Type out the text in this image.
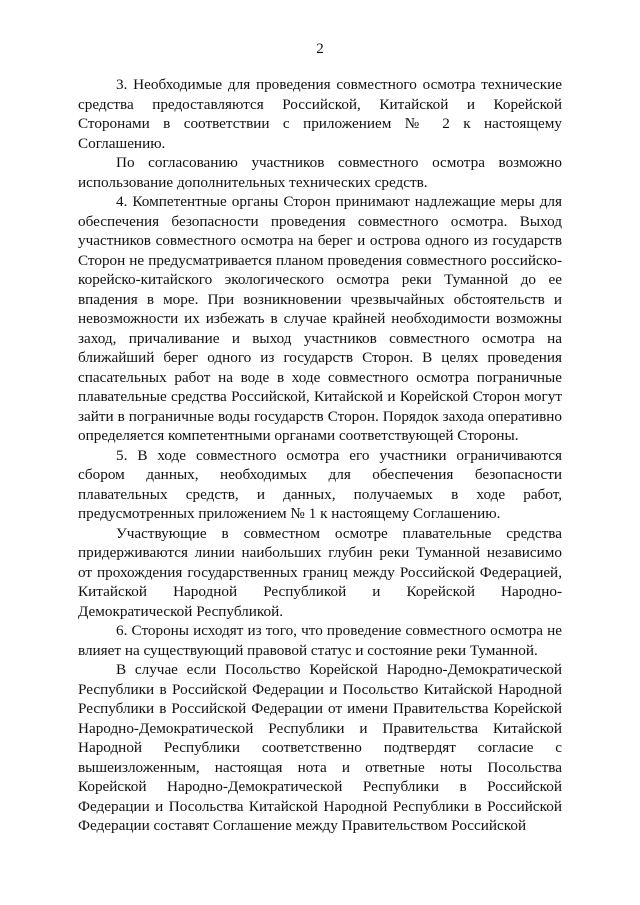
2

3. Необходимые для проведения совместного осмотра технические средства предоставляются Российской, Китайской и Корейской Сторонами в соответствии с приложением № 2 к настоящему Соглашению.

По согласованию участников совместного осмотра возможно использование дополнительных технических средств.

4. Компетентные органы Сторон принимают надлежащие меры для обеспечения безопасности проведения совместного осмотра. Выход участников совместного осмотра на берег и острова одного из государств Сторон не предусматривается планом проведения совместного российско-корейско-китайского экологического осмотра реки Туманной до ее впадения в море. При возникновении чрезвычайных обстоятельств и невозможности их избежать в случае крайней необходимости возможны заход, причаливание и выход участников совместного осмотра на ближайший берег одного из государств Сторон. В целях проведения спасательных работ на воде в ходе совместного осмотра пограничные плавательные средства Российской, Китайской и Корейской Сторон могут зайти в пограничные воды государств Сторон. Порядок захода оперативно определяется компетентными органами соответствующей Стороны.

5. В ходе совместного осмотра его участники ограничиваются сбором данных, необходимых для обеспечения безопасности плавательных средств, и данных, получаемых в ходе работ, предусмотренных приложением № 1 к настоящему Соглашению.

Участвующие в совместном осмотре плавательные средства придерживаются линии наибольших глубин реки Туманной независимо от прохождения государственных границ между Российской Федерацией, Китайской Народной Республикой и Корейской Народно-Демократической Республикой.

6. Стороны исходят из того, что проведение совместного осмотра не влияет на существующий правовой статус и состояние реки Туманной.

В случае если Посольство Корейской Народно-Демократической Республики в Российской Федерации и Посольство Китайской Народной Республики в Российской Федерации от имени Правительства Корейской Народно-Демократической Республики и Правительства Китайской Народной Республики соответственно подтвердят согласие с вышеизложенным, настоящая нота и ответные ноты Посольства Корейской Народно-Демократической Республики в Российской Федерации и Посольства Китайской Народной Республики в Российской Федерации составят Соглашение между Правительством Российской
